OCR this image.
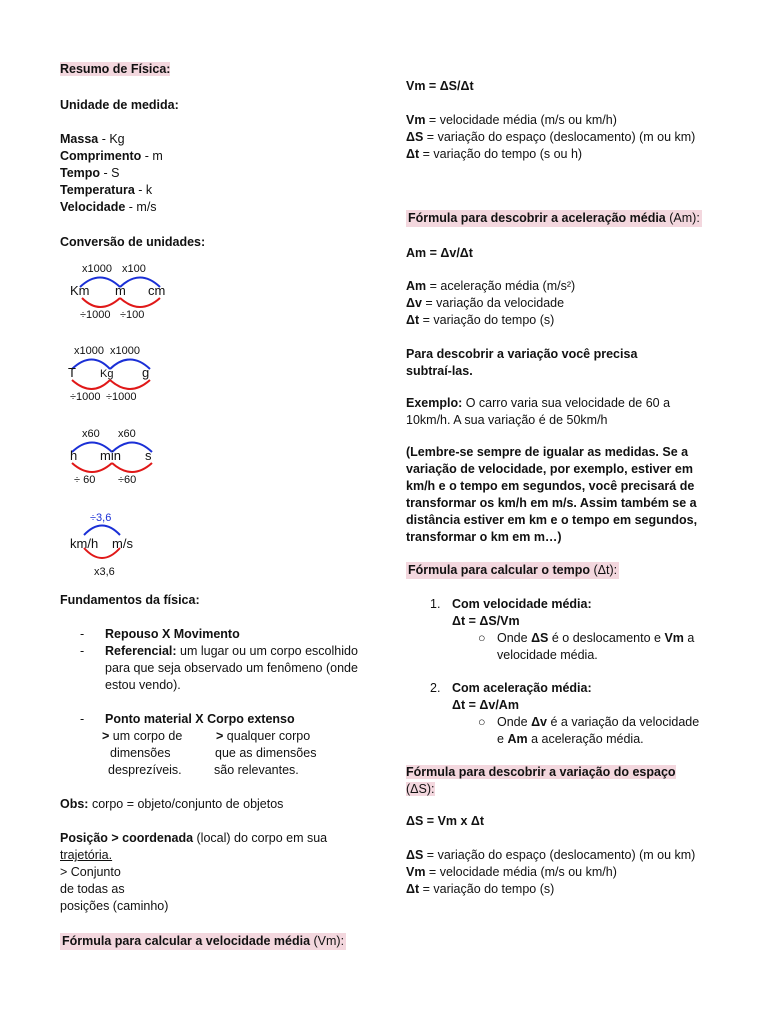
Resumo de Física:
Unidade de medida:
Massa - Kg
Comprimento - m
Tempo - S
Temperatura - k
Velocidade - m/s
Conversão de unidades:
x1000 x100
Km m cm
÷1000 ÷100
x1000 x1000
T Kg g
÷1000 ÷1000
x60 x60
h min s
÷ 60 ÷60
÷3,6
km/h m/s
x3,6
Fundamentos da física:
- Repouso X Movimento
- Referencial: um lugar ou um corpo escolhido
para que seja observado um fenômeno (onde
estou vendo).
- Ponto material X Corpo extenso
> um corpo de
dimensões
desprezíveis.
> qualquer corpo
que as dimensões
são relevantes.
Obs: corpo = objeto/conjunto de objetos
Posição > coordenada (local) do corpo em sua
trajetória.
> Conjunto
de todas as
posições (caminho)
Fórmula para calcular a velocidade média (Vm):
Vm = ΔS/Δt
Vm = velocidade média (m/s ou km/h)
ΔS = variação do espaço (deslocamento) (m ou km)
Δt = variação do tempo (s ou h)
Fórmula para descobrir a aceleração média (Am):
Am = Δv/Δt
Am = aceleração média (m/s²)
Δv = variação da velocidade
Δt = variação do tempo (s)
Para descobrir a variação você precisa
subtraí-las.
Exemplo: O carro varia sua velocidade de 60 a
10km/h. A sua variação é de 50km/h
(Lembre-se sempre de igualar as medidas. Se a
variação de velocidade, por exemplo, estiver em
km/h e o tempo em segundos, você precisará de
transformar os km/h em m/s. Assim também se a
distância estiver em km e o tempo em segundos,
transformar o km em m…)
Fórmula para calcular o tempo (Δt):
1. Com velocidade média:
Δt = ΔS/Vm
○ Onde ΔS é o deslocamento e Vm a
velocidade média.
2. Com aceleração média:
Δt = Δv/Am
○ Onde Δv é a variação da velocidade
e Am a aceleração média.
Fórmula para descobrir a variação do espaço
(ΔS):
ΔS = Vm x Δt
ΔS = variação do espaço (deslocamento) (m ou km)
Vm = velocidade média (m/s ou km/h)
Δt = variação do tempo (s)
